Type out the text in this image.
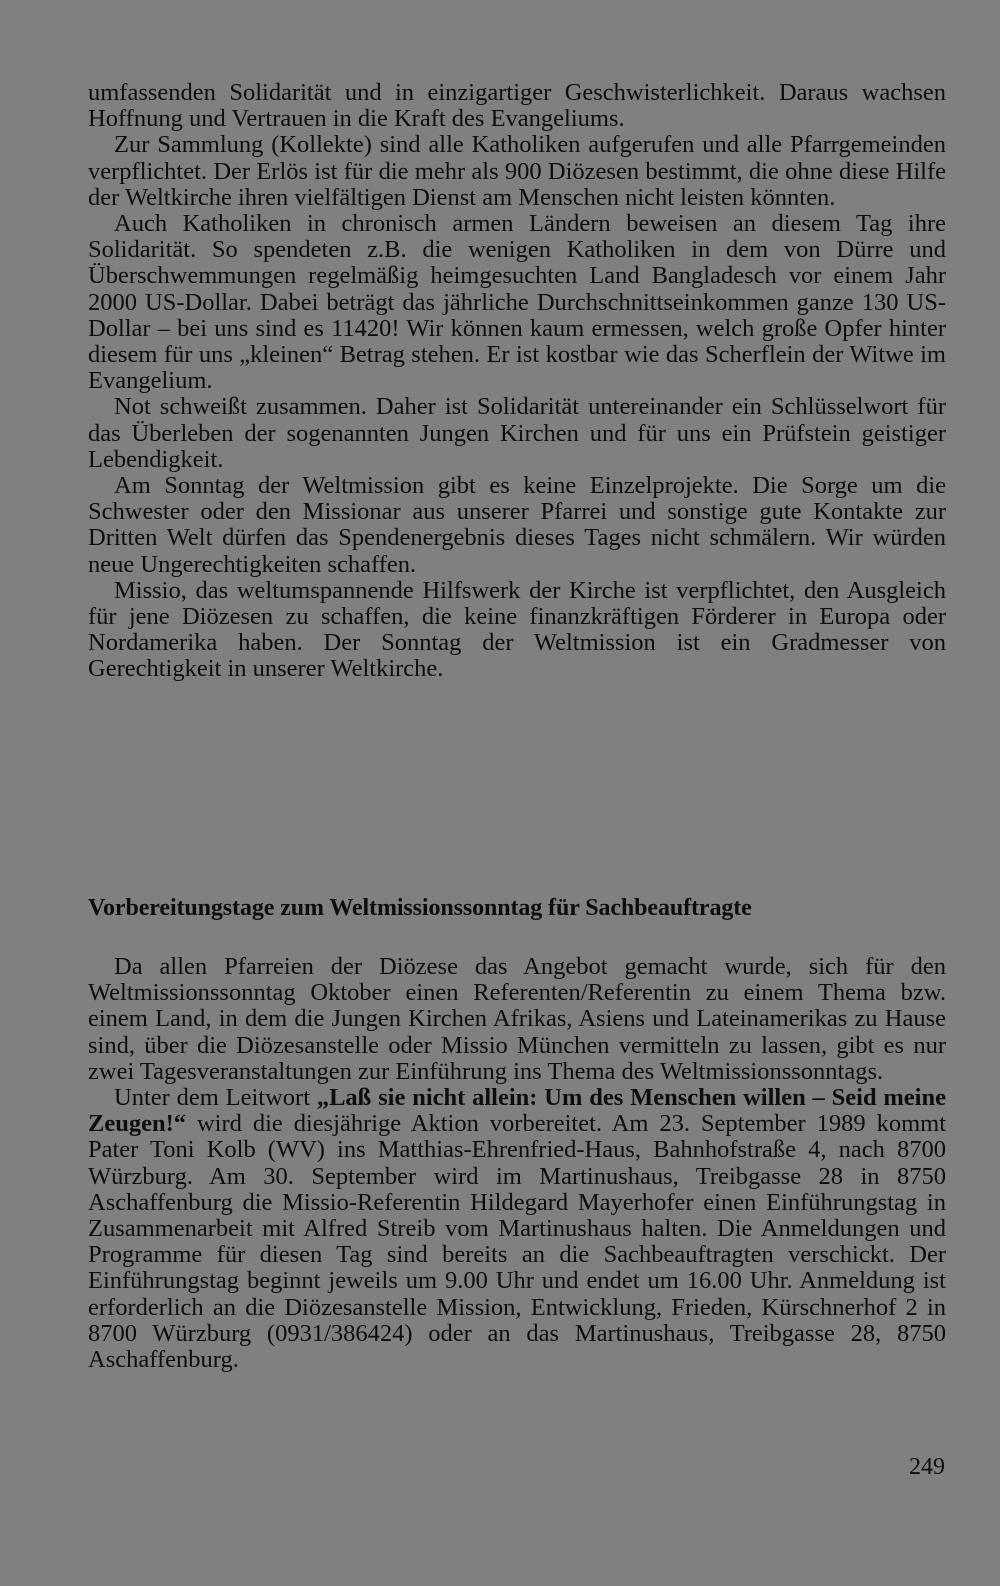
umfassenden Solidarität und in einzigartiger Geschwisterlichkeit. Daraus wachsen Hoffnung und Vertrauen in die Kraft des Evangeliums.

Zur Sammlung (Kollekte) sind alle Katholiken aufgerufen und alle Pfarrgemeinden verpflichtet. Der Erlös ist für die mehr als 900 Diözesen bestimmt, die ohne diese Hilfe der Weltkirche ihren vielfältigen Dienst am Menschen nicht leisten könnten.

Auch Katholiken in chronisch armen Ländern beweisen an diesem Tag ihre Solidarität. So spendeten z.B. die wenigen Katholiken in dem von Dürre und Überschwemmungen regelmäßig heimgesuchten Land Bangladesch vor einem Jahr 2000 US-Dollar. Dabei beträgt das jährliche Durchschnittseinkommen ganze 130 US-Dollar – bei uns sind es 11420! Wir können kaum ermessen, welch große Opfer hinter diesem für uns „kleinen“ Betrag stehen. Er ist kostbar wie das Scherflein der Witwe im Evangelium.

Not schweißt zusammen. Daher ist Solidarität untereinander ein Schlüsselwort für das Überleben der sogenannten Jungen Kirchen und für uns ein Prüfstein geistiger Lebendigkeit.

Am Sonntag der Weltmission gibt es keine Einzelprojekte. Die Sorge um die Schwester oder den Missionar aus unserer Pfarrei und sonstige gute Kontakte zur Dritten Welt dürfen das Spendenergebnis dieses Tages nicht schmälern. Wir würden neue Ungerechtigkeiten schaffen.

Missio, das weltumspannende Hilfswerk der Kirche ist verpflichtet, den Ausgleich für jene Diözesen zu schaffen, die keine finanzkräftigen Förderer in Europa oder Nordamerika haben. Der Sonntag der Weltmission ist ein Gradmesser von Gerechtigkeit in unserer Weltkirche.

Vorbereitungstage zum Weltmissionssonntag für Sachbeauftragte

Da allen Pfarreien der Diözese das Angebot gemacht wurde, sich für den Weltmissionssonntag Oktober einen Referenten/Referentin zu einem Thema bzw. einem Land, in dem die Jungen Kirchen Afrikas, Asiens und Lateinamerikas zu Hause sind, über die Diözesanstelle oder Missio München vermitteln zu lassen, gibt es nur zwei Tagesveranstaltungen zur Einführung ins Thema des Weltmissionssonntags.

Unter dem Leitwort „Laß sie nicht allein: Um des Menschen willen – Seid meine Zeugen!“ wird die diesjährige Aktion vorbereitet. Am 23. September 1989 kommt Pater Toni Kolb (WV) ins Matthias-Ehrenfried-Haus, Bahnhofstraße 4, nach 8700 Würzburg. Am 30. September wird im Martinushaus, Treibgasse 28 in 8750 Aschaffenburg die Missio-Referentin Hildegard Mayerhofer einen Einführungstag in Zusammenarbeit mit Alfred Streib vom Martinushaus halten. Die Anmeldungen und Programme für diesen Tag sind bereits an die Sachbeauftragten verschickt. Der Einführungstag beginnt jeweils um 9.00 Uhr und endet um 16.00 Uhr. Anmeldung ist erforderlich an die Diözesanstelle Mission, Entwicklung, Frieden, Kürschnerhof 2 in 8700 Würzburg (0931/386424) oder an das Martinushaus, Treibgasse 28, 8750 Aschaffenburg.

249
